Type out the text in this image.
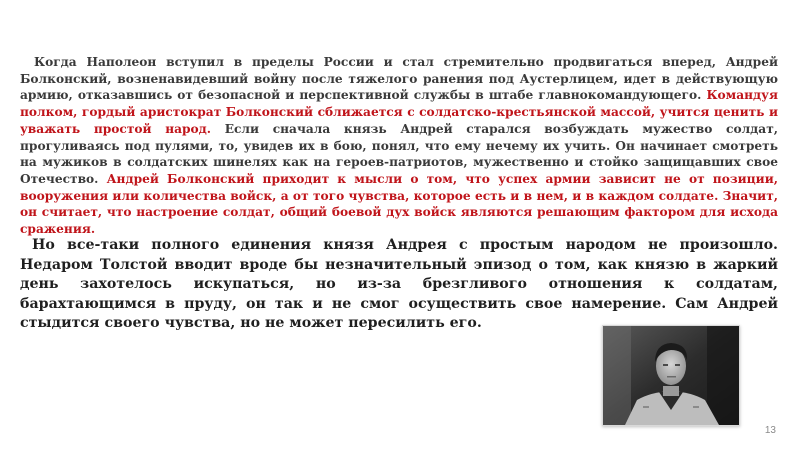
Когда Наполеон вступил в пределы России и стал стремительно продвигаться вперед, Андрей Болконский, возненавидевший войну после тяжелого ранения под Аустерлицем, идет в действующую армию, отказавшись от безопасной и перспективной службы в штабе главнокомандующего. Командуя полком, гордый аристократ Болконский сближается с солдатско-крестьянской массой, учится ценить и уважать простой народ. Если сначала князь Андрей старался возбуждать мужество солдат, прогуливаясь под пулями, то, увидев их в бою, понял, что ему нечему их учить. Он начинает смотреть на мужиков в солдатских шинелях как на героев-патриотов, мужественно и стойко защищавших свое Отечество. Андрей Болконский приходит к мысли о том, что успех армии зависит не от позиции, вооружения или количества войск, а от того чувства, которое есть и в нем, и в каждом солдате. Значит, он считает, что настроение солдат, общий боевой дух войск являются решающим фактором для исхода сражения.

Но все-таки полного единения князя Андрея с простым народом не произошло. Недаром Толстой вводит вроде бы незначительный эпизод о том, как князю в жаркий день захотелось искупаться, но из-за брезгливого отношения к солдатам, барахтающимся в пруду, он так и не смог осуществить свое намерение. Сам Андрей стыдится своего чувства, но не может пересилить его.

13
